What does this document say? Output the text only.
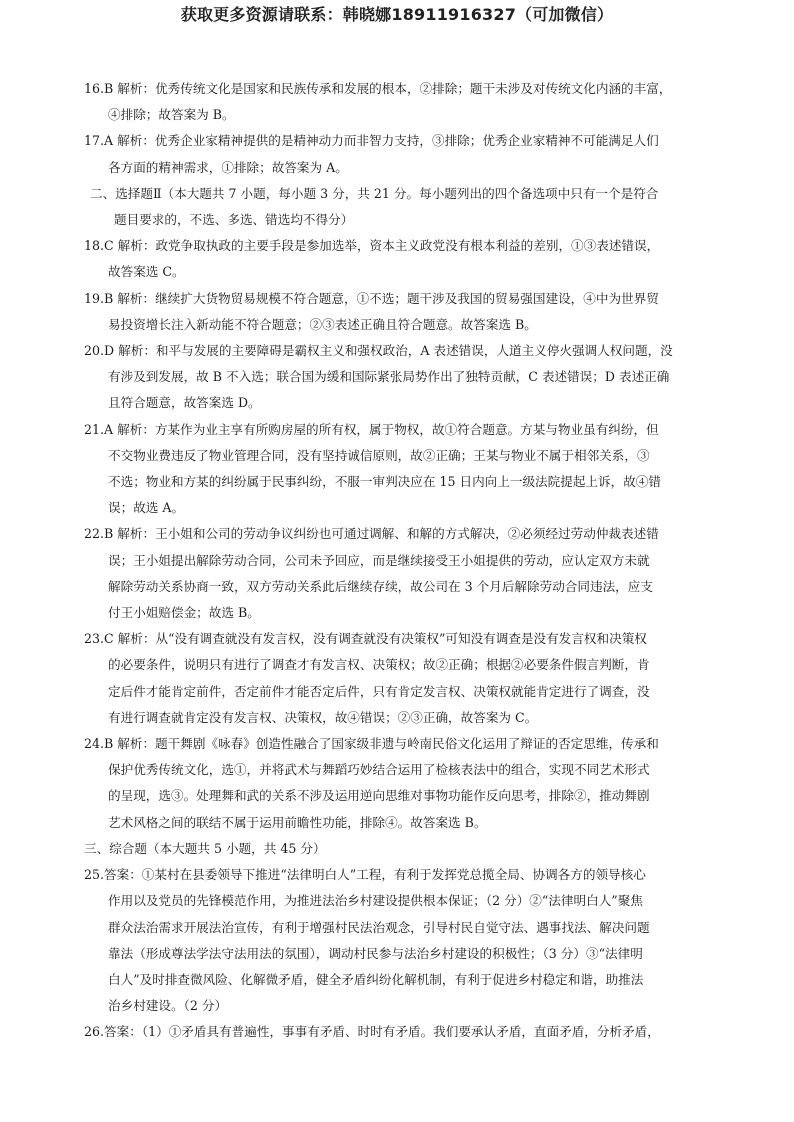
获取更多资源请联系：韩晓娜18911916327（可加微信）
16.B 解析：优秀传统文化是国家和民族传承和发展的根本，②排除；题干未涉及对传统文化内涵的丰富，
④排除；故答案为 B。
17.A 解析：优秀企业家精神提供的是精神动力而非智力支持，③排除；优秀企业家精神不可能满足人们
各方面的精神需求，①排除；故答案为 A。
二、选择题Ⅱ（本大题共 7 小题，每小题 3 分，共 21 分。每小题列出的四个备选项中只有一个是符合
题目要求的，不选、多选、错选均不得分）
18.C 解析：政党争取执政的主要手段是参加选举，资本主义政党没有根本利益的差别，①③表述错误，
故答案选 C。
19.B 解析：继续扩大货物贸易规模不符合题意，①不选；题干涉及我国的贸易强国建设，④中为世界贸
易投资增长注入新动能不符合题意；②③表述正确且符合题意。故答案选 B。
20.D 解析：和平与发展的主要障碍是霸权主义和强权政治，A 表述错误，人道主义停火强调人权问题，没
有涉及到发展，故 B 不入选；联合国为缓和国际紧张局势作出了独特贡献，C 表述错误；D 表述正确
且符合题意，故答案选 D。
21.A 解析：方某作为业主享有所购房屋的所有权，属于物权，故①符合题意。方某与物业虽有纠纷，但
不交物业费违反了物业管理合同，没有坚持诚信原则，故②正确；王某与物业不属于相邻关系，③
不选；物业和方某的纠纷属于民事纠纷，不服一审判决应在 15 日内向上一级法院提起上诉，故④错
误；故选 A。
22.B 解析：王小姐和公司的劳动争议纠纷也可通过调解、和解的方式解决，②必须经过劳动仲裁表述错
误；王小姐提出解除劳动合同，公司未予回应，而是继续接受王小姐提供的劳动，应认定双方未就
解除劳动关系协商一致，双方劳动关系此后继续存续，故公司在 3 个月后解除劳动合同违法，应支
付王小姐赔偿金；故选 B。
23.C 解析：从“没有调查就没有发言权，没有调查就没有决策权”可知没有调查是没有发言权和决策权
的必要条件，说明只有进行了调查才有发言权、决策权；故②正确；根据②必要条件假言判断，肯
定后件才能肯定前件，否定前件才能否定后件，只有肯定发言权、决策权就能肯定进行了调查，没
有进行调查就肯定没有发言权、决策权，故④错误；②③正确，故答案为 C。
24.B 解析：题干舞剧《咏春》创造性融合了国家级非遗与岭南民俗文化运用了辩证的否定思维，传承和
保护优秀传统文化，选①，并将武术与舞蹈巧妙结合运用了检核表法中的组合，实现不同艺术形式
的呈现，选③。处理舞和武的关系不涉及运用逆向思维对事物功能作反向思考，排除②，推动舞剧
艺术风格之间的联结不属于运用前瞻性功能，排除④。故答案选 B。
三、综合题（本大题共 5 小题，共 45 分）
25.答案：①某村在县委领导下推进“法律明白人”工程，有利于发挥党总揽全局、协调各方的领导核心
作用以及党员的先锋模范作用，为推进法治乡村建设提供根本保证；（2 分）②“法律明白人”聚焦
群众法治需求开展法治宣传，有利于增强村民法治观念，引导村民自觉守法、遇事找法、解决问题
靠法（形成尊法学法守法用法的氛围），调动村民参与法治乡村建设的积极性；（3 分）③“法律明
白人”及时排查微风险、化解微矛盾，健全矛盾纠纷化解机制，有利于促进乡村稳定和谐，助推法
治乡村建设。（2 分）
26.答案：（1）①矛盾具有普遍性，事事有矛盾、时时有矛盾。我们要承认矛盾，直面矛盾，分析矛盾，
